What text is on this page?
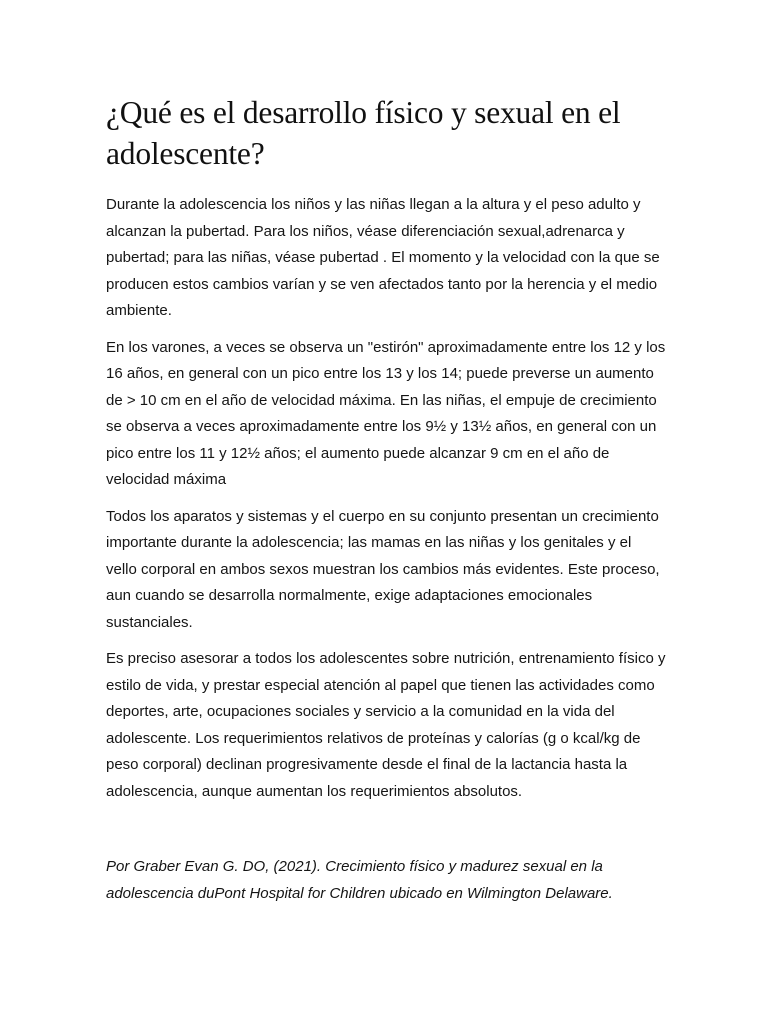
¿Qué es el desarrollo físico y sexual en el adolescente?

Durante la adolescencia los niños y las niñas llegan a la altura y el peso adulto y alcanzan la pubertad. Para los niños, véase diferenciación sexual,adrenarca y pubertad; para las niñas, véase pubertad . El momento y la velocidad con la que se producen estos cambios varían y se ven afectados tanto por la herencia y el medio ambiente.

En los varones, a veces se observa un "estirón" aproximadamente entre los 12 y los 16 años, en general con un pico entre los 13 y los 14; puede preverse un aumento de > 10 cm en el año de velocidad máxima. En las niñas, el empuje de crecimiento se observa a veces aproximadamente entre los 9½ y 13½ años, en general con un pico entre los 11 y 12½ años; el aumento puede alcanzar 9 cm en el año de velocidad máxima

Todos los aparatos y sistemas y el cuerpo en su conjunto presentan un crecimiento importante durante la adolescencia; las mamas en las niñas y los genitales y el vello corporal en ambos sexos muestran los cambios más evidentes. Este proceso, aun cuando se desarrolla normalmente, exige adaptaciones emocionales sustanciales.

Es preciso asesorar a todos los adolescentes sobre nutrición, entrenamiento físico y estilo de vida, y prestar especial atención al papel que tienen las actividades como deportes, arte, ocupaciones sociales y servicio a la comunidad en la vida del adolescente. Los requerimientos relativos de proteínas y calorías (g o kcal/kg de peso corporal) declinan progresivamente desde el final de la lactancia hasta la adolescencia, aunque aumentan los requerimientos absolutos.

Por Graber Evan G. DO, (2021). Crecimiento físico y madurez sexual en la adolescencia duPont Hospital for Children ubicado en Wilmington Delaware.
